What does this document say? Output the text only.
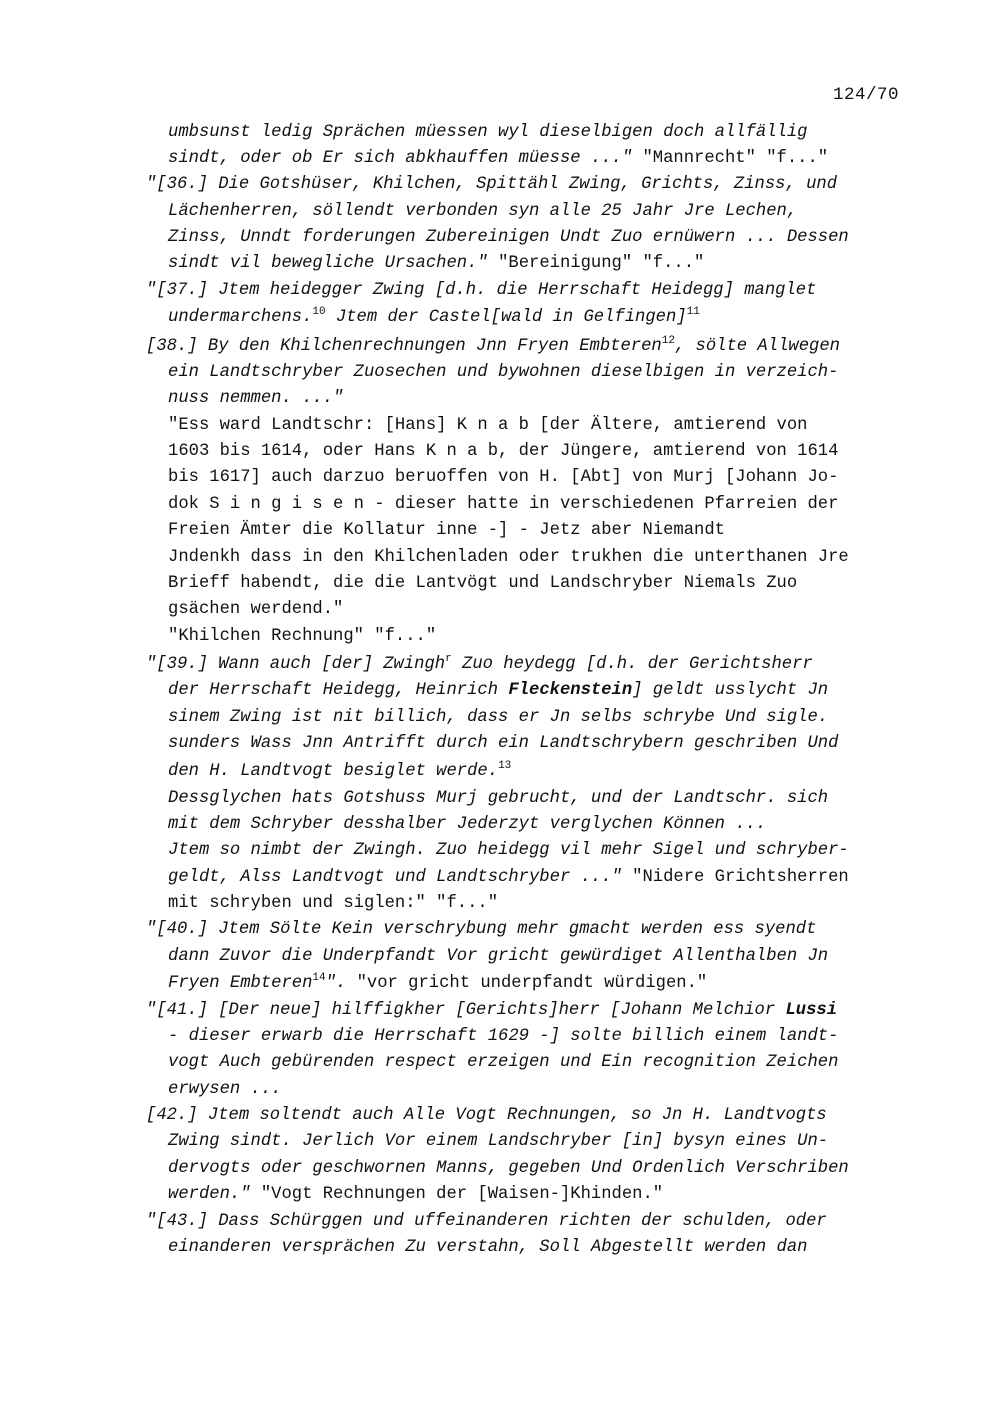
124/70
umbsunst ledig Sprächen müessen wyl dieselbigen doch allfällig
sindt, oder ob Er sich abkhauffen müesse ..." "Mannrecht" "f..."
"[36.] Die Gotshüser, Khilchen, Spittähl Zwing, Grichts, Zinss, und
Lächenherren, söllendt verbonden syn alle 25 Jahr Jre Lechen,
Zinss, Unndt forderungen Zubereinigen Undt Zuo ernüwern ... Dessen
sindt vil bewegliche Ursachen." "Bereinigung" "f..."
"[37.] Jtem heidegger Zwing [d.h. die Herrschaft Heidegg] manglet
undermarchens.$^{10}$ Jtem der Castel[wald in Gelfingen]$^{11}$
[38.] By den Khilchenrechnungen Jnn Fryen Embteren$^{12}$, sölte Allwegen
ein Landtschryber Zuosechen und bywohnen dieselbigen in verzeich-
nuss nemmen. ..."
"Ess ward Landtschr: [Hans] K n a b [der Ältere, amtierend von
1603 bis 1614, oder Hans K n a b, der Jüngere, amtierend von 1614
bis 1617] auch darzuo beruoffen von H. [Abt] von Murj [Johann Jo-
dok S i n g i s e n - dieser hatte in verschiedenen Pfarreien der
Freien Ämter die Kollatur inne -] - Jetz aber Niemandt
Jndenkh dass in den Khilchenladen oder trukhen die unterthanen Jre
Brieff habendt, die die Lantvögt und Landschryber Niemals Zuo
gsächen werdend."
"Khilchen Rechnung" "f..."
"[39.] Wann auch [der] Zwingh$^r$ Zuo heydegg [d.h. der Gerichtsherr
der Herrschaft Heidegg, Heinrich Fleckenstein] geldt usslycht Jn
sinem Zwing ist nit billich, dass er Jn selbs schrybe Und sigle.
sunders Wass Jnn Antrifft durch ein Landtschrybern geschriben Und
den H. Landtvogt besiglet werde.$^{13}$
Dessglychen hats Gotshuss Murj gebrucht, und der Landtschr. sich
mit dem Schryber desshalber Jederzyt verglychen Können ...
Jtem so nimbt der Zwingh. Zuo heidegg vil mehr Sigel und schryber-
geldt, Alss Landtvogt und Landtschryber ..." "Nidere Grichtsherren
mit schryben und siglen:" "f..."
"[40.] Jtem Sölte Kein verschrybung mehr gmacht werden ess syendt
dann Zuvor die Underpfandt Vor gricht gewürdiget Allenthalben Jn
Fryen Embteren$^{14}$". "vor gricht underpfandt würdigen."
"[41.] [Der neue] hilffigkher [Gerichts]herr [Johann Melchior Lussi
- dieser erwarb die Herrschaft 1629 -] solte billich einem landt-
vogt Auch gebürenden respect erzeigen und Ein recognition Zeichen
erwysen ...
[42.] Jtem soltendt auch Alle Vogt Rechnungen, so Jn H. Landtvogts
Zwing sindt. Jerlich Vor einem Landschryber [in] bysyn eines Un-
dervogts oder geschwornen Manns, gegeben Und Ordenlich Verschriben
werden." "Vogt Rechnungen der [Waisen-]Khinden."
"[43.] Dass Schürggen und uffeinanderen richten der schulden, oder
einanderen versprächen Zu verstahn, Soll Abgestellt werden dan
